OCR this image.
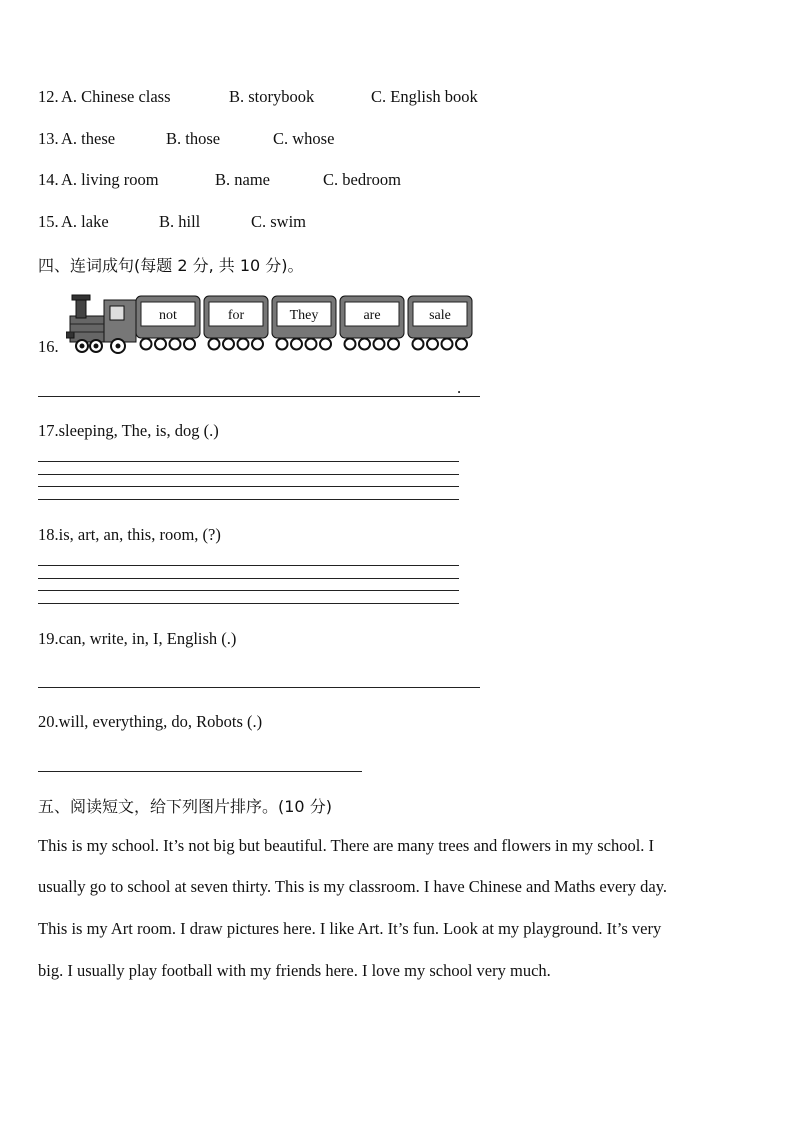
12. A. Chinese class	B. storybook	C. English book
13. A. these	B. those	C. whose
14. A. living room	B. name	C. bedroom
15. A. lake	B. hill	C. swim
四、连词成句(每题 2 分, 共 10 分)。
16.
not	for	They	are	sale
.
17.sleeping, The, is, dog (.)
18.is, art, an, this, room, (?)
19.can, write, in, I, English (.)
20.will, everything, do, Robots (.)
五、阅读短文，给下列图片排序。(10 分)
This is my school. It’s not big but beautiful. There are many trees and flowers in my school. I
usually go to school at seven thirty. This is my classroom. I have Chinese and Maths every day.
This is my Art room. I draw pictures here. I like Art. It’s fun. Look at my playground. It’s very
big. I usually play football with my friends here. I love my school very much.
